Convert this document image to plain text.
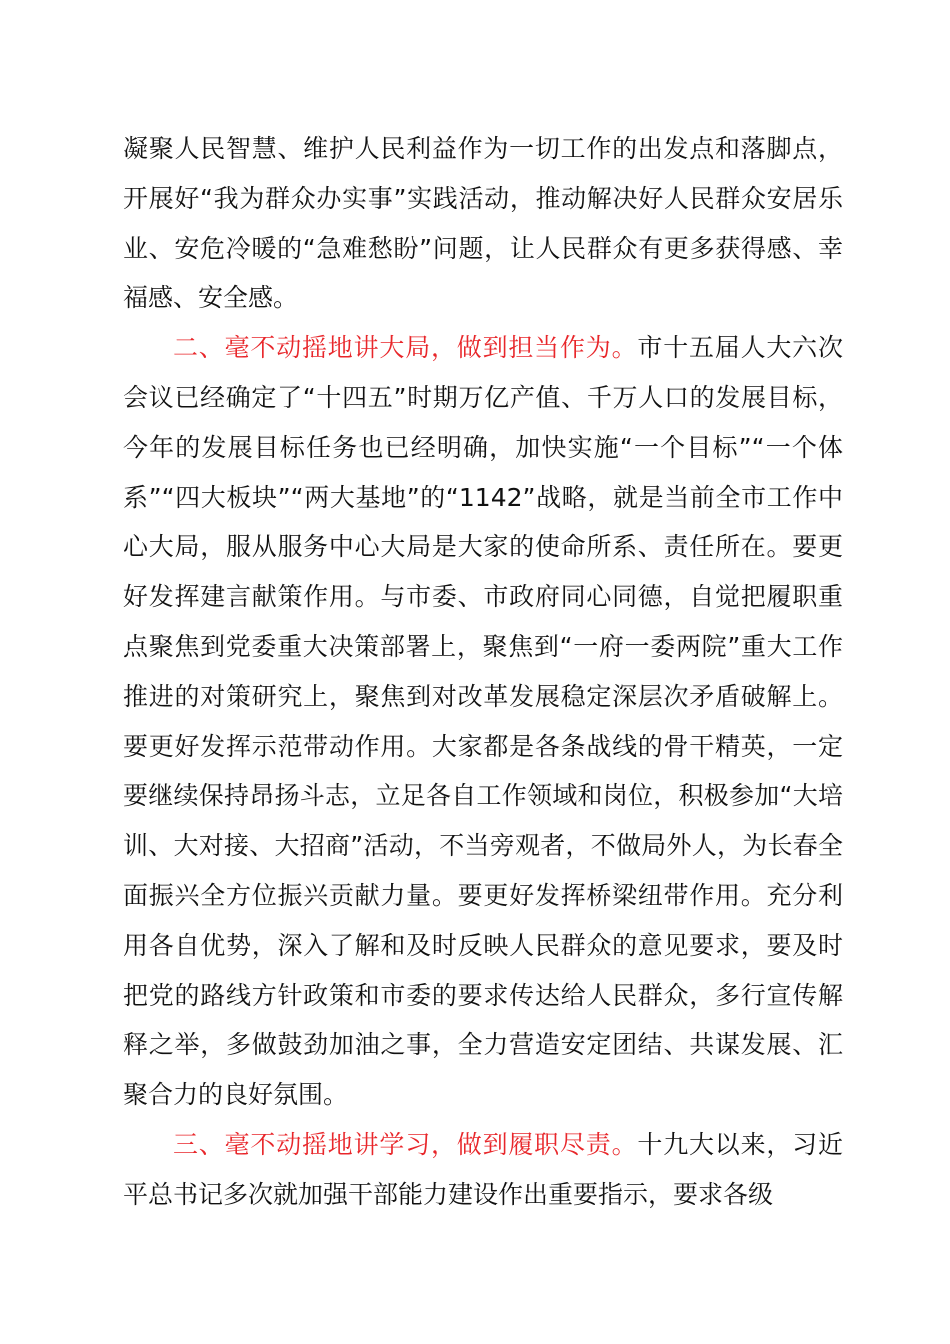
凝聚人民智慧、维护人民利益作为一切工作的出发点和落脚点，开展好“我为群众办实事”实践活动，推动解决好人民群众安居乐业、安危冷暖的“急难愁盼”问题，让人民群众有更多获得感、幸福感、安全感。

二、毫不动摇地讲大局，做到担当作为。市十五届人大六次会议已经确定了“十四五”时期万亿产值、千万人口的发展目标，今年的发展目标任务也已经明确，加快实施“一个目标”“一个体系”“四大板块”“两大基地”的“1142”战略，就是当前全市工作中心大局，服从服务中心大局是大家的使命所系、责任所在。要更好发挥建言献策作用。与市委、市政府同心同德，自觉把履职重点聚焦到党委重大决策部署上，聚焦到“一府一委两院”重大工作推进的对策研究上，聚焦到对改革发展稳定深层次矛盾破解上。要更好发挥示范带动作用。大家都是各条战线的骨干精英，一定要继续保持昂扬斗志，立足各自工作领域和岗位，积极参加“大培训、大对接、大招商”活动，不当旁观者，不做局外人，为长春全面振兴全方位振兴贡献力量。要更好发挥桥梁纽带作用。充分利用各自优势，深入了解和及时反映人民群众的意见要求，要及时把党的路线方针政策和市委的要求传达给人民群众，多行宣传解释之举，多做鼓劲加油之事，全力营造安定团结、共谋发展、汇聚合力的良好氛围。

三、毫不动摇地讲学习，做到履职尽责。十九大以来，习近平总书记多次就加强干部能力建设作出重要指示，要求各级
